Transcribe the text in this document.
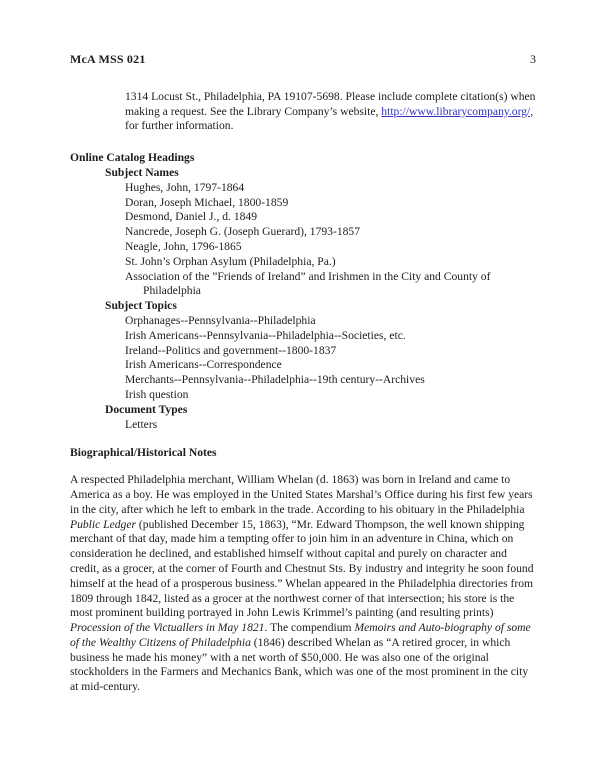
McA MSS 021	3
1314 Locust St., Philadelphia, PA 19107-5698. Please include complete citation(s) when making a request. See the Library Company’s website, http://www.librarycompany.org/, for further information.
Online Catalog Headings
Subject Names
Hughes, John, 1797-1864
Doran, Joseph Michael, 1800-1859
Desmond, Daniel J., d. 1849
Nancrede, Joseph G. (Joseph Guerard), 1793-1857
Neagle, John, 1796-1865
St. John’s Orphan Asylum (Philadelphia, Pa.)
Association of the ”Friends of Ireland” and Irishmen in the City and County of Philadelphia
Subject Topics
Orphanages--Pennsylvania--Philadelphia
Irish Americans--Pennsylvania--Philadelphia--Societies, etc.
Ireland--Politics and government--1800-1837
Irish Americans--Correspondence
Merchants--Pennsylvania--Philadelphia--19th century--Archives
Irish question
Document Types
Letters
Biographical/Historical Notes
A respected Philadelphia merchant, William Whelan (d. 1863) was born in Ireland and came to America as a boy. He was employed in the United States Marshal’s Office during his first few years in the city, after which he left to embark in the trade. According to his obituary in the Philadelphia Public Ledger (published December 15, 1863), “Mr. Edward Thompson, the well known shipping merchant of that day, made him a tempting offer to join him in an adventure in China, which on consideration he declined, and established himself without capital and purely on character and credit, as a grocer, at the corner of Fourth and Chestnut Sts. By industry and integrity he soon found himself at the head of a prosperous business.” Whelan appeared in the Philadelphia directories from 1809 through 1842, listed as a grocer at the northwest corner of that intersection; his store is the most prominent building portrayed in John Lewis Krimmel’s painting (and resulting prints) Procession of the Victuallers in May 1821. The compendium Memoirs and Auto-biography of some of the Wealthy Citizens of Philadelphia (1846) described Whelan as “A retired grocer, in which business he made his money” with a net worth of $50,000. He was also one of the original stockholders in the Farmers and Mechanics Bank, which was one of the most prominent in the city at mid-century.
